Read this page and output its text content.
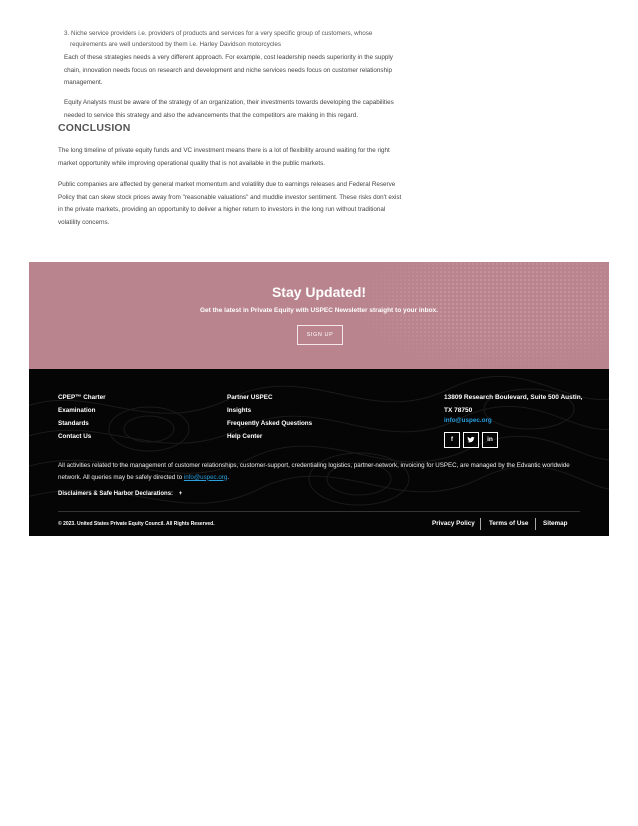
3. Niche service providers i.e. providers of products and services for a very specific group of customers, whose
requirements are well understood by them i.e. Harley Davidson motorcycles
Each of these strategies needs a very different approach. For example, cost leadership needs superiority in the supply
chain, innovation needs focus on research and development and niche services needs focus on customer relationship
management.
Equity Analysts must be aware of the strategy of an organization, their investments towards developing the capabilities
needed to service this strategy and also the advancements that the competitors are making in this regard.
CONCLUSION
The long timeline of private equity funds and VC investment means there is a lot of flexibility around waiting for the right
market opportunity while improving operational quality that is not available in the public markets.
Public companies are affected by general market momentum and volatility due to earnings releases and Federal Reserve
Policy that can skew stock prices away from "reasonable valuations" and muddle investor sentiment. These risks don't exist
in the private markets, providing an opportunity to deliver a higher return to investors in the long run without traditional
volatility concerns.
Stay Updated!
Get the latest in Private Equity with USPEC Newsletter straight to your inbox.
SIGN UP
CPEP™ Charter
Examination
Standards
Contact Us
Partner USPEC
Insights
Frequently Asked Questions
Help Center
13809 Research Boulevard, Suite 500 Austin,
TX 78750
info@uspec.org
f	in
All activities related to the management of customer relationships, customer-support, credentialing logistics, partner-network, invoicing for USPEC, are managed by the Edvantic worldwide
network. All queries may be safely directed to info@uspec.org.
Disclaimers & Safe Harbor Declarations: +
© 2023. United States Private Equity Council. All Rights Reserved.	Privacy Policy Terms of Use Sitemap
